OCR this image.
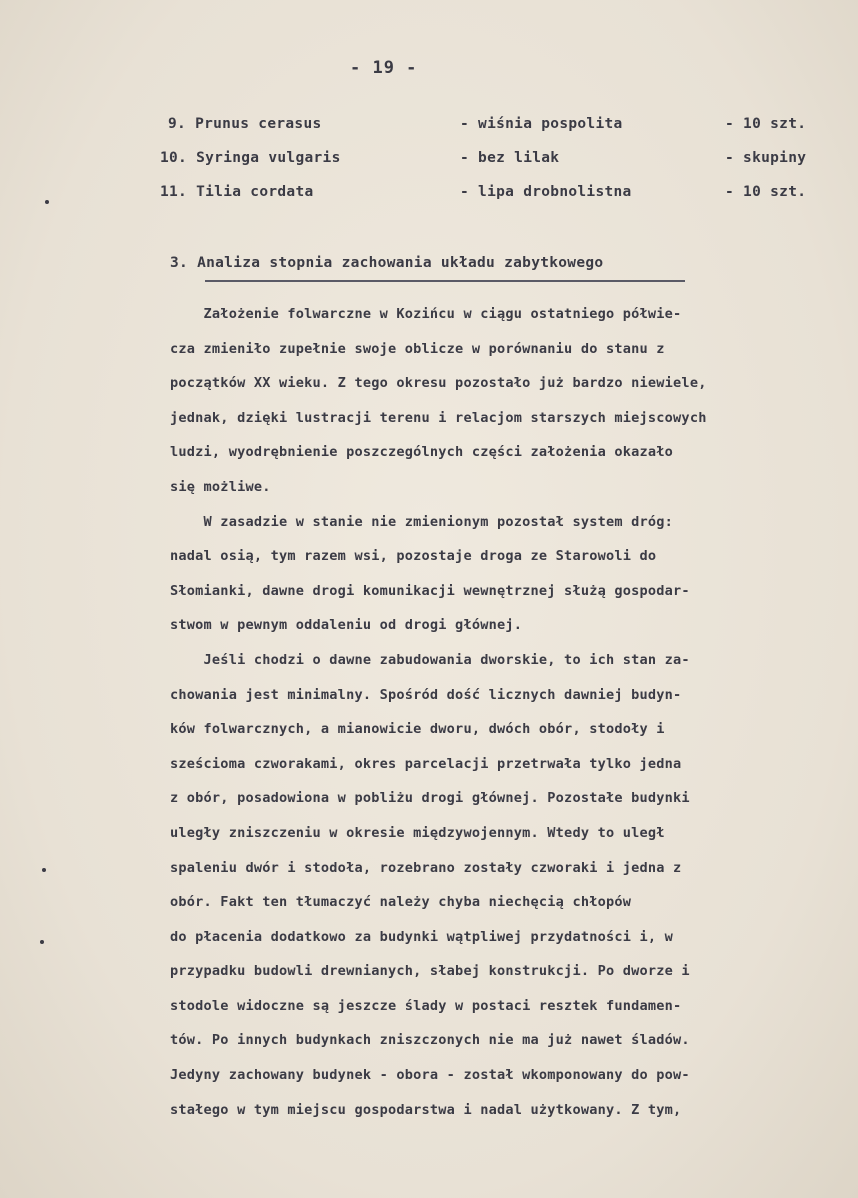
- 19 -
9. Prunus cerasus	- wiśnia pospolita	- 10 szt.
10. Syringa vulgaris	- bez lilak	- skupiny
11. Tilia cordata	- lipa drobnolistna	- 10 szt.
3. Analiza stopnia zachowania układu zabytkowego
Założenie folwarczne w Kozińcu w ciągu ostatniego półwie-
cza zmieniło zupełnie swoje oblicze w porównaniu do stanu z
początków XX wieku. Z tego okresu pozostało już bardzo niewiele,
jednak, dzięki lustracji terenu i relacjom starszych miejscowych
ludzi, wyodrębnienie poszczególnych części założenia okazało
się możliwe.
W zasadzie w stanie nie zmienionym pozostał system dróg:
nadal osią, tym razem wsi, pozostaje droga ze Starowoli do
Słomianki, dawne drogi komunikacji wewnętrznej służą gospodar-
stwom w pewnym oddaleniu od drogi głównej.
Jeśli chodzi o dawne zabudowania dworskie, to ich stan za-
chowania jest minimalny. Spośród dość licznych dawniej budyn-
ków folwarcznych, a mianowicie dworu, dwóch obór, stodoły i
sześcioma czworakami, okres parcelacji przetrwała tylko jedna
z obór, posadowiona w pobliżu drogi głównej. Pozostałe budynki
uległy zniszczeniu w okresie międzywojennym. Wtedy to uległ
spaleniu dwór i stodoła, rozebrano zostały czworaki i jedna z
obór. Fakt ten tłumaczyć należy chyba niechęcią chłopów
do płacenia dodatkowo za budynki wątpliwej przydatności i, w
przypadku budowli drewnianych, słabej konstrukcji. Po dworze i
stodole widoczne są jeszcze ślady w postaci resztek fundamen-
tów. Po innych budynkach zniszczonych nie ma już nawet śladów.
Jedyny zachowany budynek - obora - został wkomponowany do pow-
stałego w tym miejscu gospodarstwa i nadal użytkowany. Z tym,
